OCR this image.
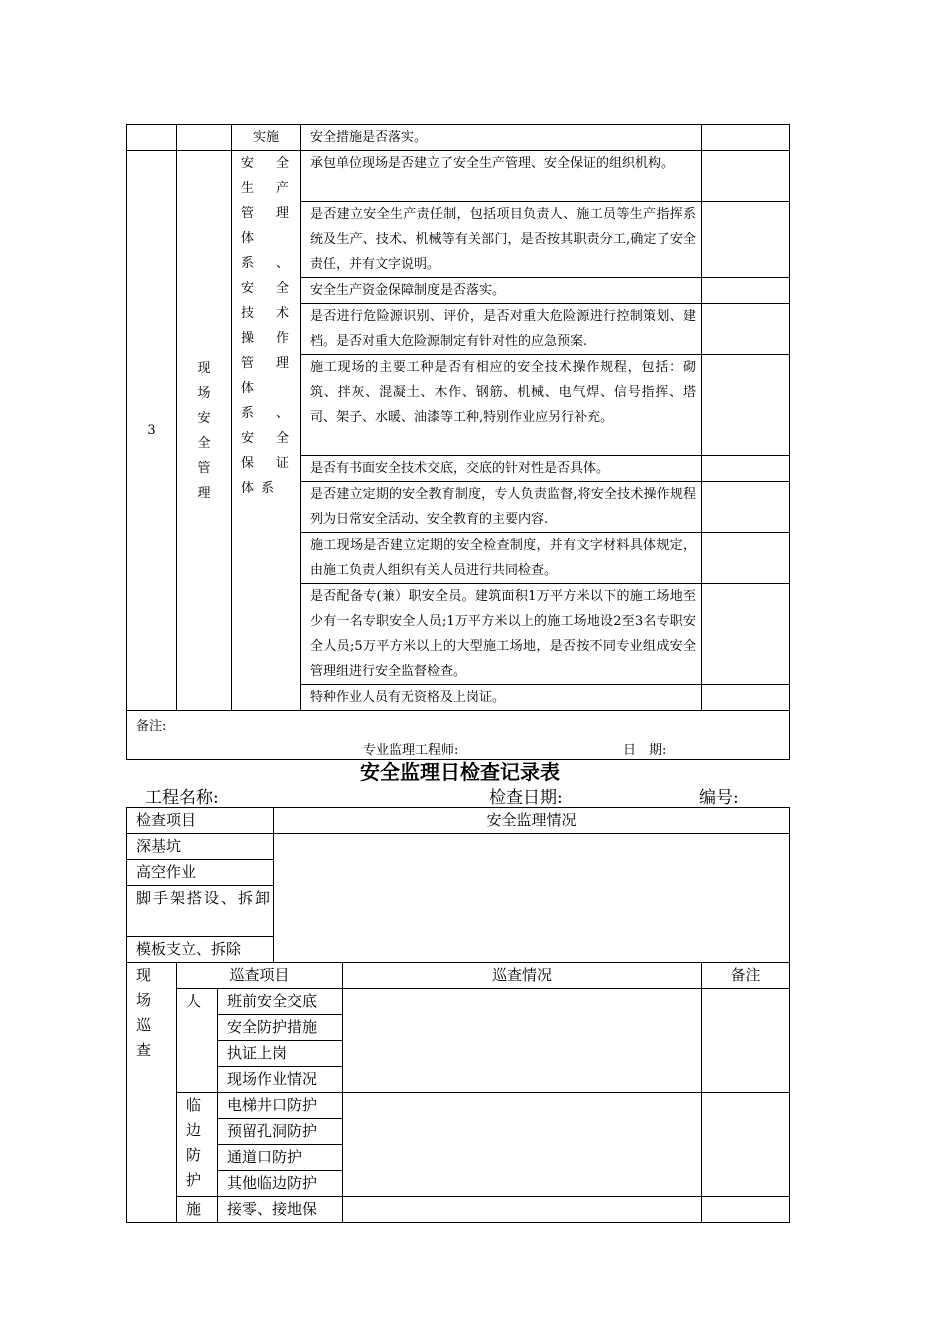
		实施	安全措施是否落实。	
3	现场安全管理	安全生产管理体系、安全技术操作管理体系、安全保证体系	承包单位现场是否建立了安全生产管理、安全保证的组织机构。	
			是否建立安全生产责任制，包括项目负责人、施工员等生产指挥系统及生产、技术、机械等有关部门，是否按其职责分工,确定了安全责任，并有文字说明。	
			安全生产资金保障制度是否落实。	
			是否进行危险源识别、评价，是否对重大危险源进行控制策划、建档。是否对重大危险源制定有针对性的应急预案.	
			施工现场的主要工种是否有相应的安全技术操作规程，包括：砌筑、拌灰、混凝土、木作、钢筋、机械、电气焊、信号指挥、塔司、架子、水暖、油漆等工种,特别作业应另行补充。	
			是否有书面安全技术交底，交底的针对性是否具体。	
			是否建立定期的安全教育制度，专人负责监督,将安全技术操作规程列为日常安全活动、安全教育的主要内容.	
			施工现场是否建立定期的安全检查制度，并有文字材料具体规定，由施工负责人组织有关人员进行共同检查。	
			是否配备专(兼）职安全员。建筑面积1万平方米以下的施工场地至少有一名专职安全人员;1万平方米以上的施工场地设2至3名专职安全人员;5万平方米以上的大型施工场地，是否按不同专业组成安全管理组进行安全监督检查。	
			特种作业人员有无资格及上岗证。	

备注:
专业监理工程师: 日　期:				
安全监理日检查记录表
工程名称:	检查日期:	编号:
检查项目			安全监理情况		
深基坑					
高空作业					
脚手架搭设、拆卸					
模板支立、拆除					

现场巡查	巡查项目			巡查情况	备注

	人	班前安全交底			
		安全防护措施			
		执证上岗			
		现场作业情况			

	临边防护	电梯井口防护			
		预留孔洞防护			
		通道口防护			
		其他临边防护			

	施	接零、接地保			
